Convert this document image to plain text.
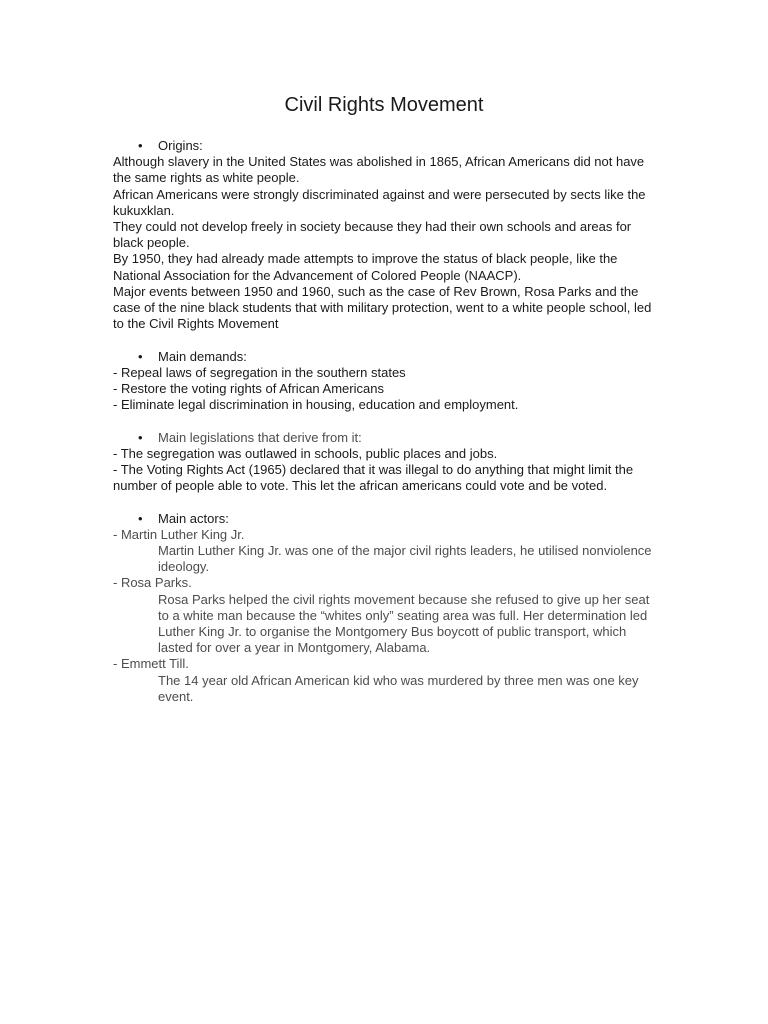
Civil Rights Movement

• Origins:

Although slavery in the United States was abolished in 1865, African Americans did not have the same rights as white people.

African Americans were strongly discriminated against and were persecuted by sects like the kukuxklan.

They could not develop freely in society because they had their own schools and areas for black people.

By 1950, they had already made attempts to improve the status of black people, like the National Association for the Advancement of Colored People (NAACP).

Major events between 1950 and 1960, such as the case of Rev Brown, Rosa Parks and the case of the nine black students that with military protection, went to a white people school, led to the Civil Rights Movement

• Main demands:

- Repeal laws of segregation in the southern states

- Restore the voting rights of African Americans

- Eliminate legal discrimination in housing, education and employment.

• Main legislations that derive from it:

- The segregation was outlawed in schools, public places and jobs.

- The Voting Rights Act (1965) declared that it was illegal to do anything that might limit the number of people able to vote. This let the african americans could vote and be voted.

• Main actors:

- Martin Luther King Jr.

Martin Luther King Jr. was one of the major civil rights leaders, he utilised nonviolence ideology.

- Rosa Parks.

Rosa Parks helped the civil rights movement because she refused to give up her seat to a white man because the “whites only” seating area was full. Her determination led Luther King Jr. to organise the Montgomery Bus boycott of public transport, which lasted for over a year in Montgomery, Alabama.

- Emmett Till.

The 14 year old African American kid who was murdered by three men was one key event.
